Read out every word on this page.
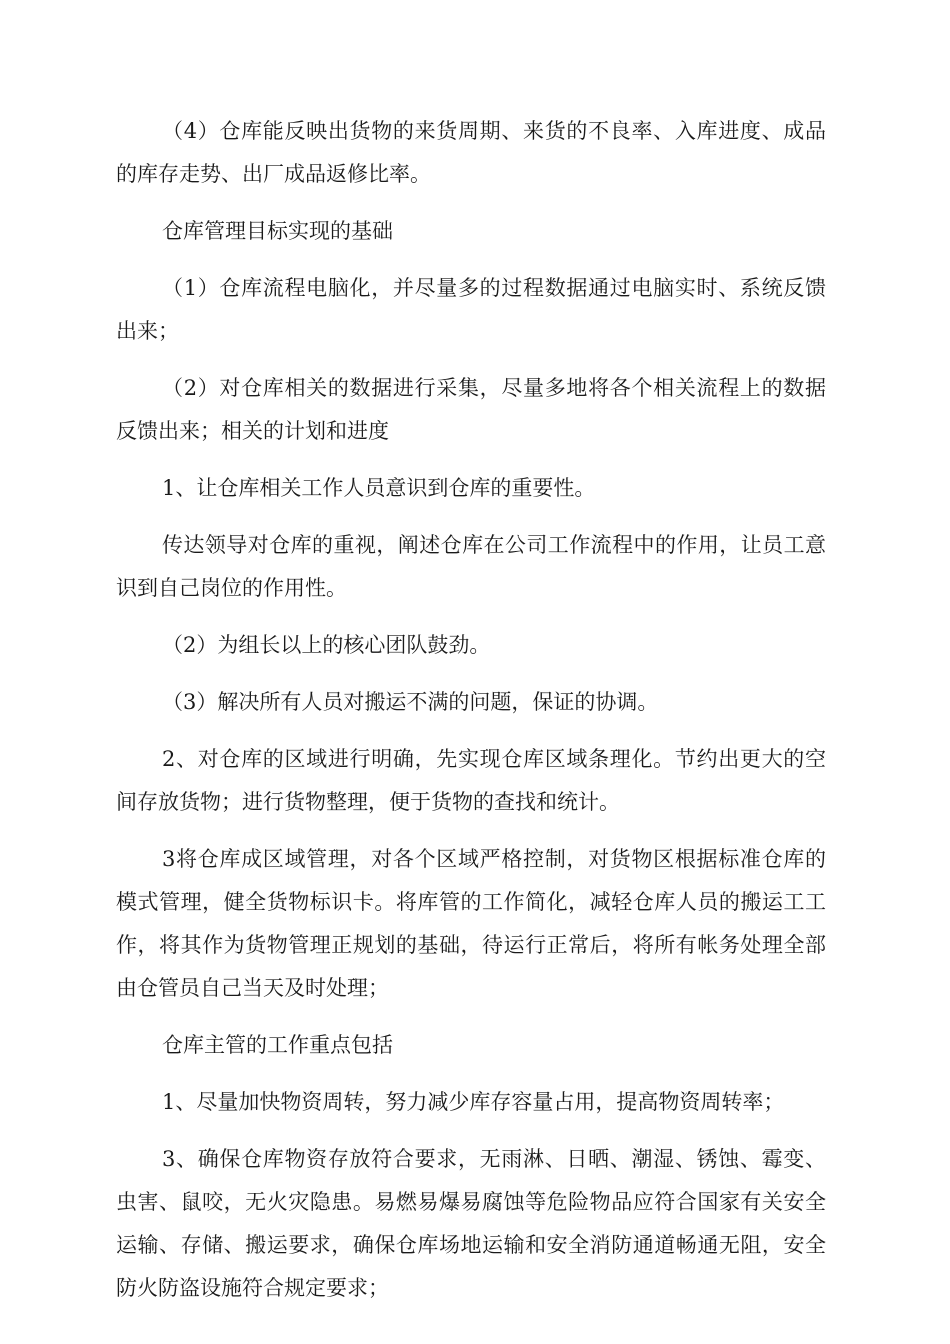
（4）仓库能反映出货物的来货周期、来货的不良率、入库进度、成品的库存走势、出厂成品返修比率。

仓库管理目标实现的基础

（1）仓库流程电脑化，并尽量多的过程数据通过电脑实时、系统反馈出来；

（2）对仓库相关的数据进行采集，尽量多地将各个相关流程上的数据反馈出来；相关的计划和进度

1、让仓库相关工作人员意识到仓库的重要性。

传达领导对仓库的重视，阐述仓库在公司工作流程中的作用，让员工意识到自己岗位的作用性。

（2）为组长以上的核心团队鼓劲。

（3）解决所有人员对搬运不满的问题，保证的协调。

2、对仓库的区域进行明确，先实现仓库区域条理化。节约出更大的空间存放货物；进行货物整理，便于货物的查找和统计。

3将仓库成区域管理，对各个区域严格控制，对货物区根据标准仓库的模式管理，健全货物标识卡。将库管的工作简化，减轻仓库人员的搬运工工作，将其作为货物管理正规划的基础，待运行正常后，将所有帐务处理全部由仓管员自己当天及时处理；

仓库主管的工作重点包括

1、尽量加快物资周转，努力减少库存容量占用，提高物资周转率；

3、确保仓库物资存放符合要求，无雨淋、日晒、潮湿、锈蚀、霉变、虫害、鼠咬，无火灾隐患。易燃易爆易腐蚀等危险物品应符合国家有关安全运输、存储、搬运要求，确保仓库场地运输和安全消防通道畅通无阻，安全防火防盗设施符合规定要求；
